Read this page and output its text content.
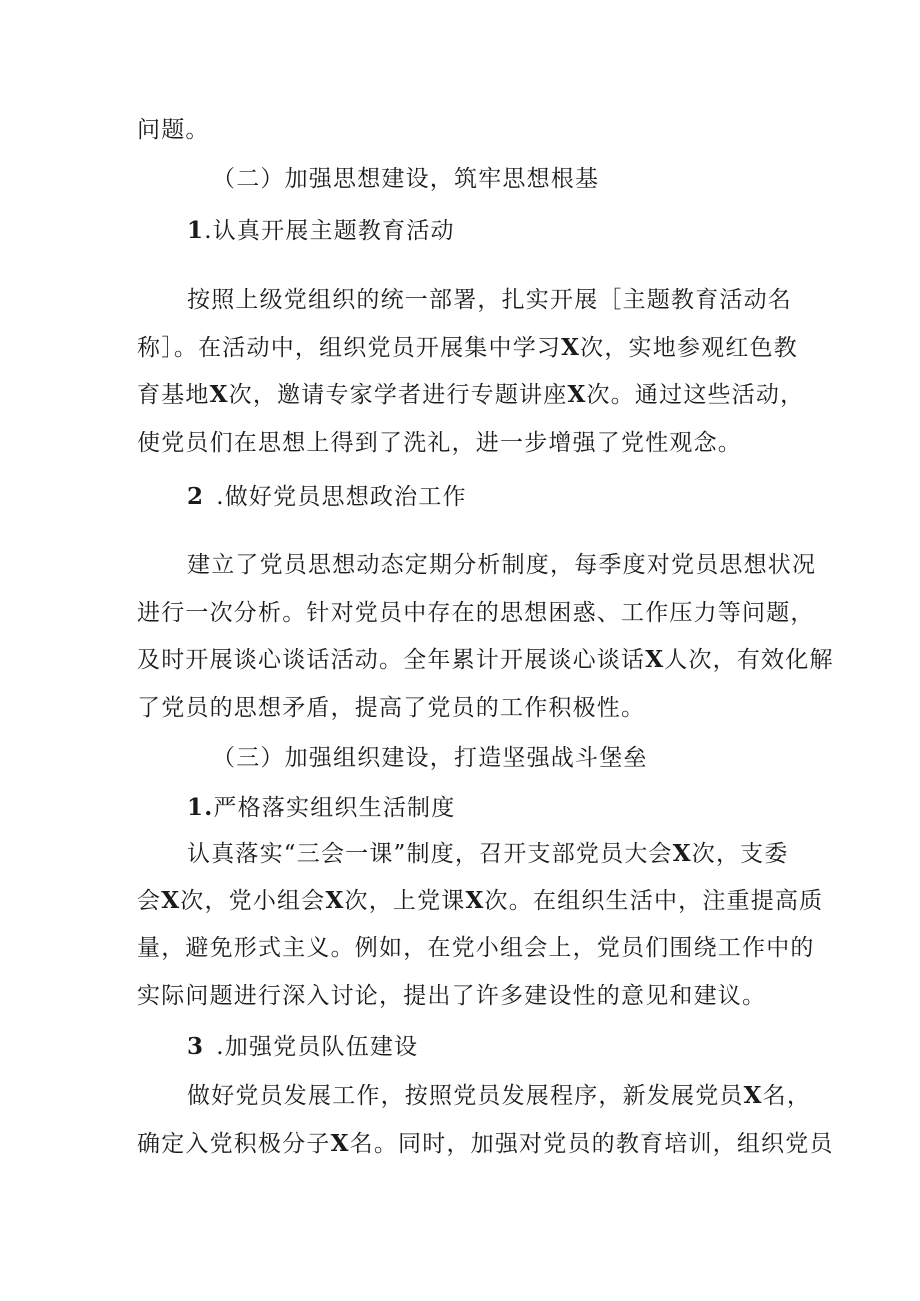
问题。
（二）加强思想建设，筑牢思想根基
1.认真开展主题教育活动
按照上级党组织的统一部署，扎实开展［主题教育活动名
称］。在活动中，组织党员开展集中学习X次，实地参观红色教
育基地X次，邀请专家学者进行专题讲座X次。通过这些活动，
使党员们在思想上得到了洗礼，进一步增强了党性观念。
2 .做好党员思想政治工作
建立了党员思想动态定期分析制度，每季度对党员思想状况
进行一次分析。针对党员中存在的思想困惑、工作压力等问题，
及时开展谈心谈话活动。全年累计开展谈心谈话X人次，有效化解
了党员的思想矛盾，提高了党员的工作积极性。
（三）加强组织建设，打造坚强战斗堡垒
1.严格落实组织生活制度
认真落实“三会一课”制度，召开支部党员大会X次，支委
会X次，党小组会X次，上党课X次。在组织生活中，注重提高质
量，避免形式主义。例如，在党小组会上，党员们围绕工作中的
实际问题进行深入讨论，提出了许多建设性的意见和建议。
3 .加强党员队伍建设
做好党员发展工作，按照党员发展程序，新发展党员X名，
确定入党积极分子X名。同时，加强对党员的教育培训，组织党员
